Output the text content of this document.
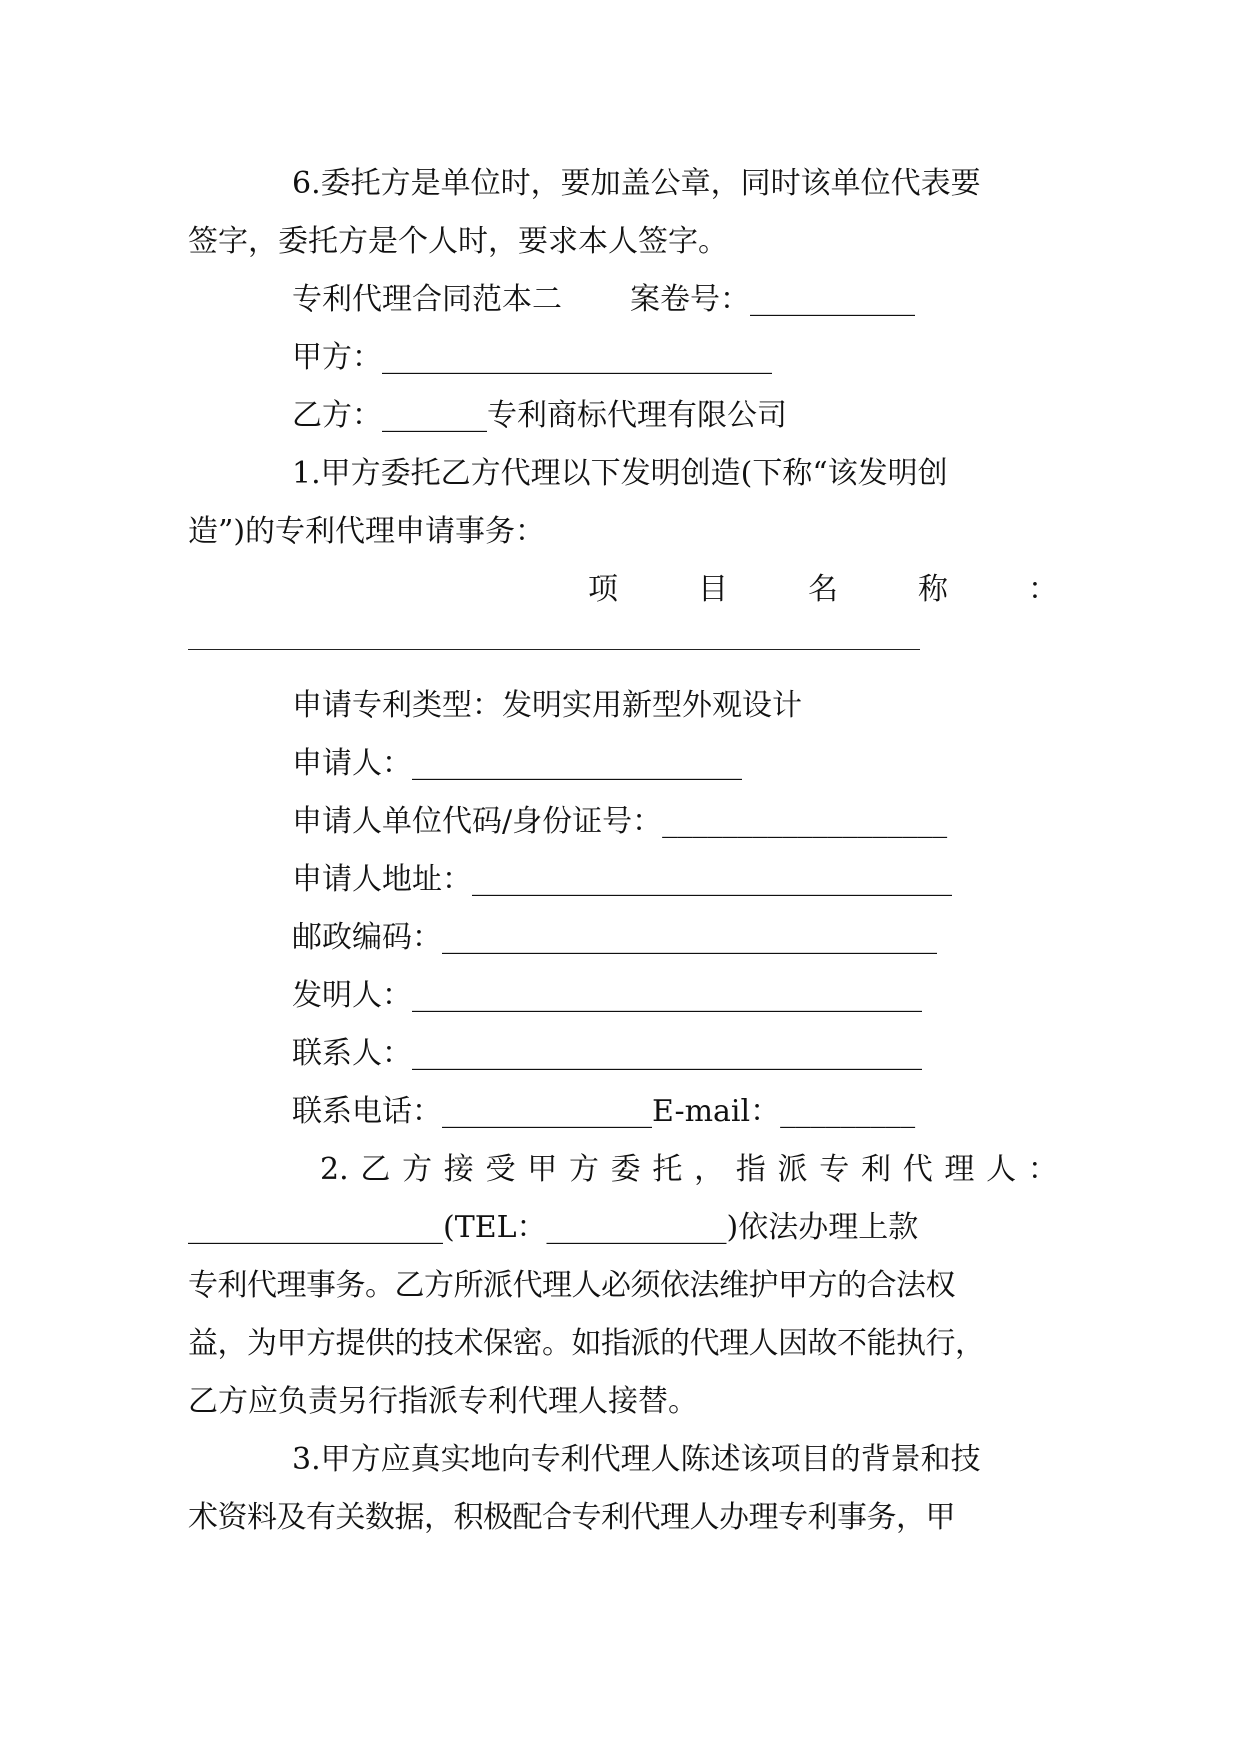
6.委托方是单位时，要加盖公章，同时该单位代表要
签字，委托方是个人时，要求本人签字。
专利代理合同范本二 案卷号：___________
甲方：__________________________
乙方：_______专利商标代理有限公司
1.甲方委托乙方代理以下发明创造(下称“该发明创
造”)的专利代理申请事务：
项	目	名	称	：
申请专利类型：发明实用新型外观设计
申请人：______________________
申请人单位代码/身份证号：___________________
申请人地址：________________________________
邮政编码：_________________________________
发明人：__________________________________
联系人：__________________________________
联系电话：______________E-mail：_________
2. 乙 方 接 受 甲 方 委 托 ， 指 派 专 利 代 理 人 ：
_________________(TEL：____________)依法办理上款
专利代理事务。乙方所派代理人必须依法维护甲方的合法权
益，为甲方提供的技术保密。如指派的代理人因故不能执行，
乙方应负责另行指派专利代理人接替。
3.甲方应真实地向专利代理人陈述该项目的背景和技
术资料及有关数据，积极配合专利代理人办理专利事务，甲
